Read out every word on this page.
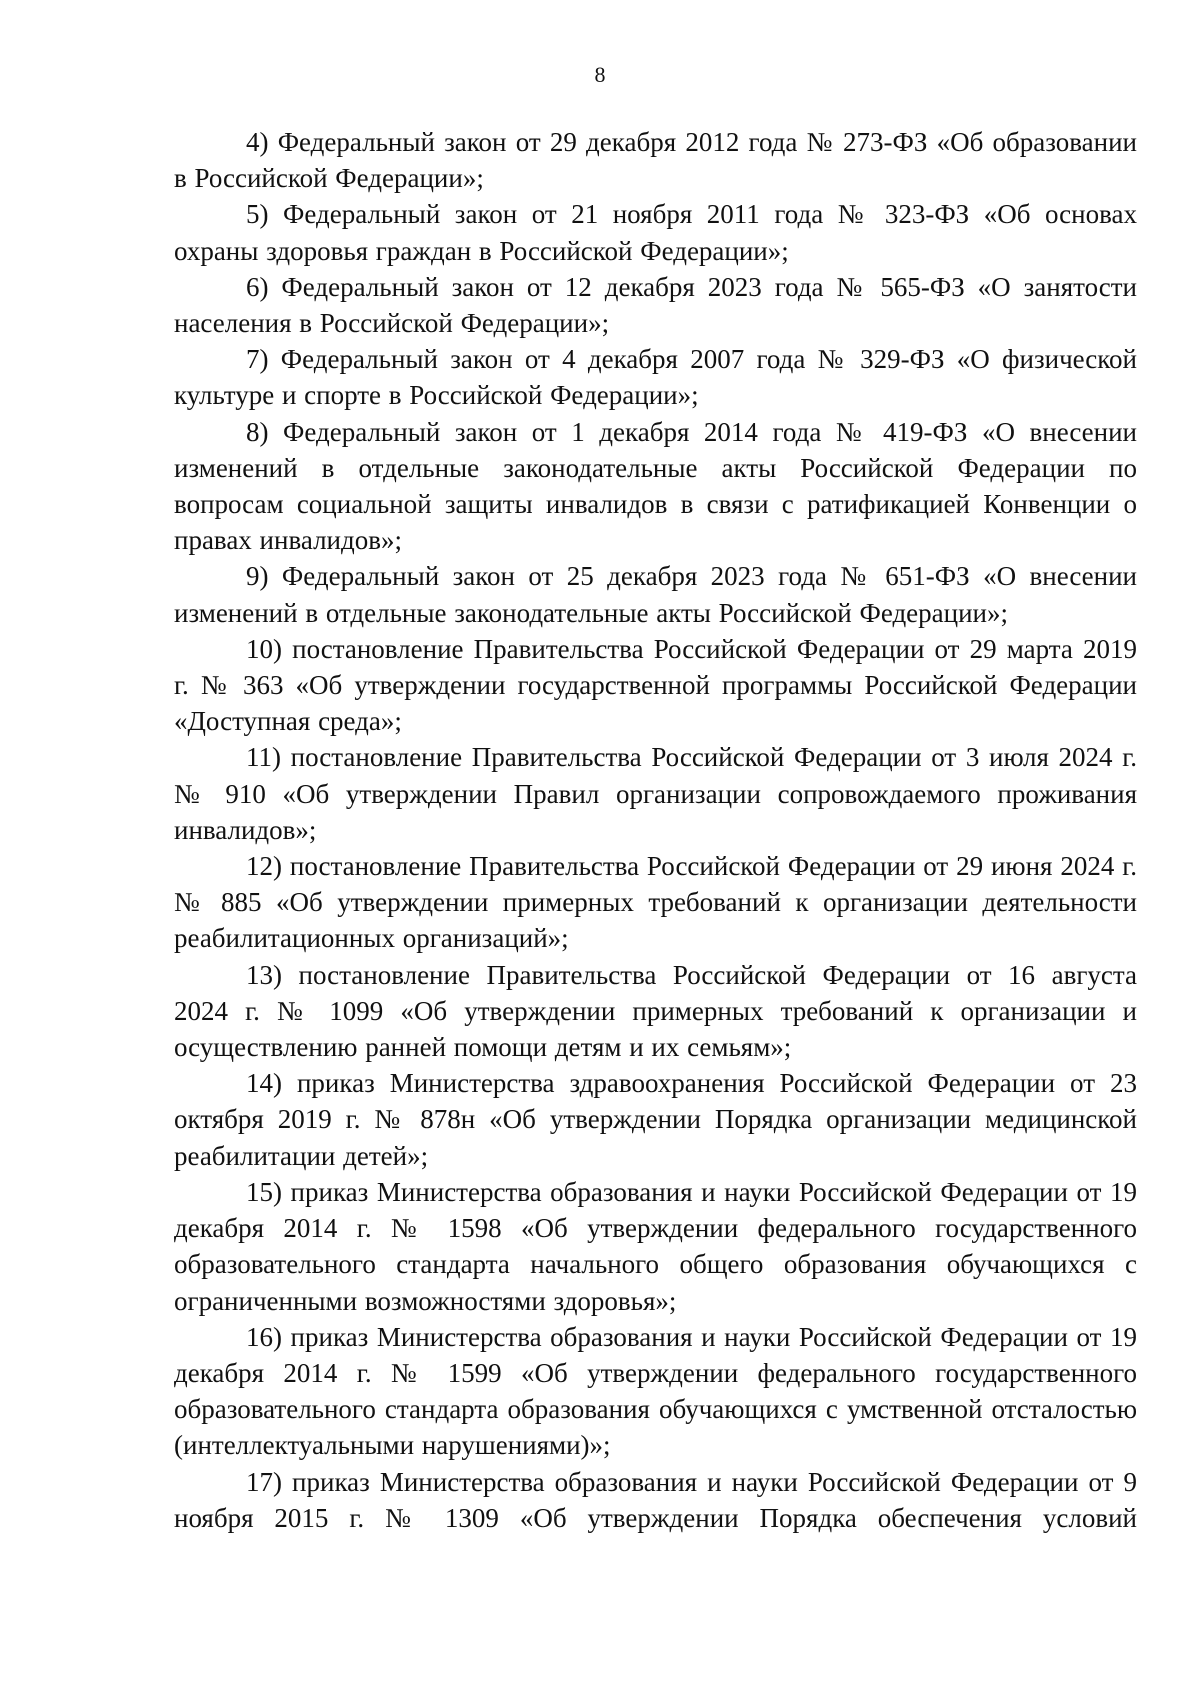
8
4) Федеральный закон от 29 декабря 2012 года № 273-ФЗ «Об образовании в Российской Федерации»;
5) Федеральный закон от 21 ноября 2011 года № 323-ФЗ «Об основах охраны здоровья граждан в Российской Федерации»;
6) Федеральный закон от 12 декабря 2023 года № 565-ФЗ «О занятости населения в Российской Федерации»;
7) Федеральный закон от 4 декабря 2007 года № 329-ФЗ «О физической культуре и спорте в Российской Федерации»;
8) Федеральный закон от 1 декабря 2014 года № 419-ФЗ «О внесении изменений в отдельные законодательные акты Российской Федерации по вопросам социальной защиты инвалидов в связи с ратификацией Конвенции о правах инвалидов»;
9) Федеральный закон от 25 декабря 2023 года № 651-ФЗ «О внесении изменений в отдельные законодательные акты Российской Федерации»;
10) постановление Правительства Российской Федерации от 29 марта 2019 г. № 363 «Об утверждении государственной программы Российской Федерации «Доступная среда»;
11) постановление Правительства Российской Федерации от 3 июля 2024 г. № 910 «Об утверждении Правил организации сопровождаемого проживания инвалидов»;
12) постановление Правительства Российской Федерации от 29 июня 2024 г. № 885 «Об утверждении примерных требований к организации деятельности реабилитационных организаций»;
13) постановление Правительства Российской Федерации от 16 августа 2024 г. № 1099 «Об утверждении примерных требований к организации и осуществлению ранней помощи детям и их семьям»;
14) приказ Министерства здравоохранения Российской Федерации от 23 октября 2019 г. № 878н «Об утверждении Порядка организации медицинской реабилитации детей»;
15) приказ Министерства образования и науки Российской Федерации от 19 декабря 2014 г. № 1598 «Об утверждении федерального государственного образовательного стандарта начального общего образования обучающихся с ограниченными возможностями здоровья»;
16) приказ Министерства образования и науки Российской Федерации от 19 декабря 2014 г. № 1599 «Об утверждении федерального государственного образовательного стандарта образования обучающихся с умственной отсталостью (интеллектуальными нарушениями)»;
17) приказ Министерства образования и науки Российской Федерации от 9 ноября 2015 г. № 1309 «Об утверждении Порядка обеспечения условий
